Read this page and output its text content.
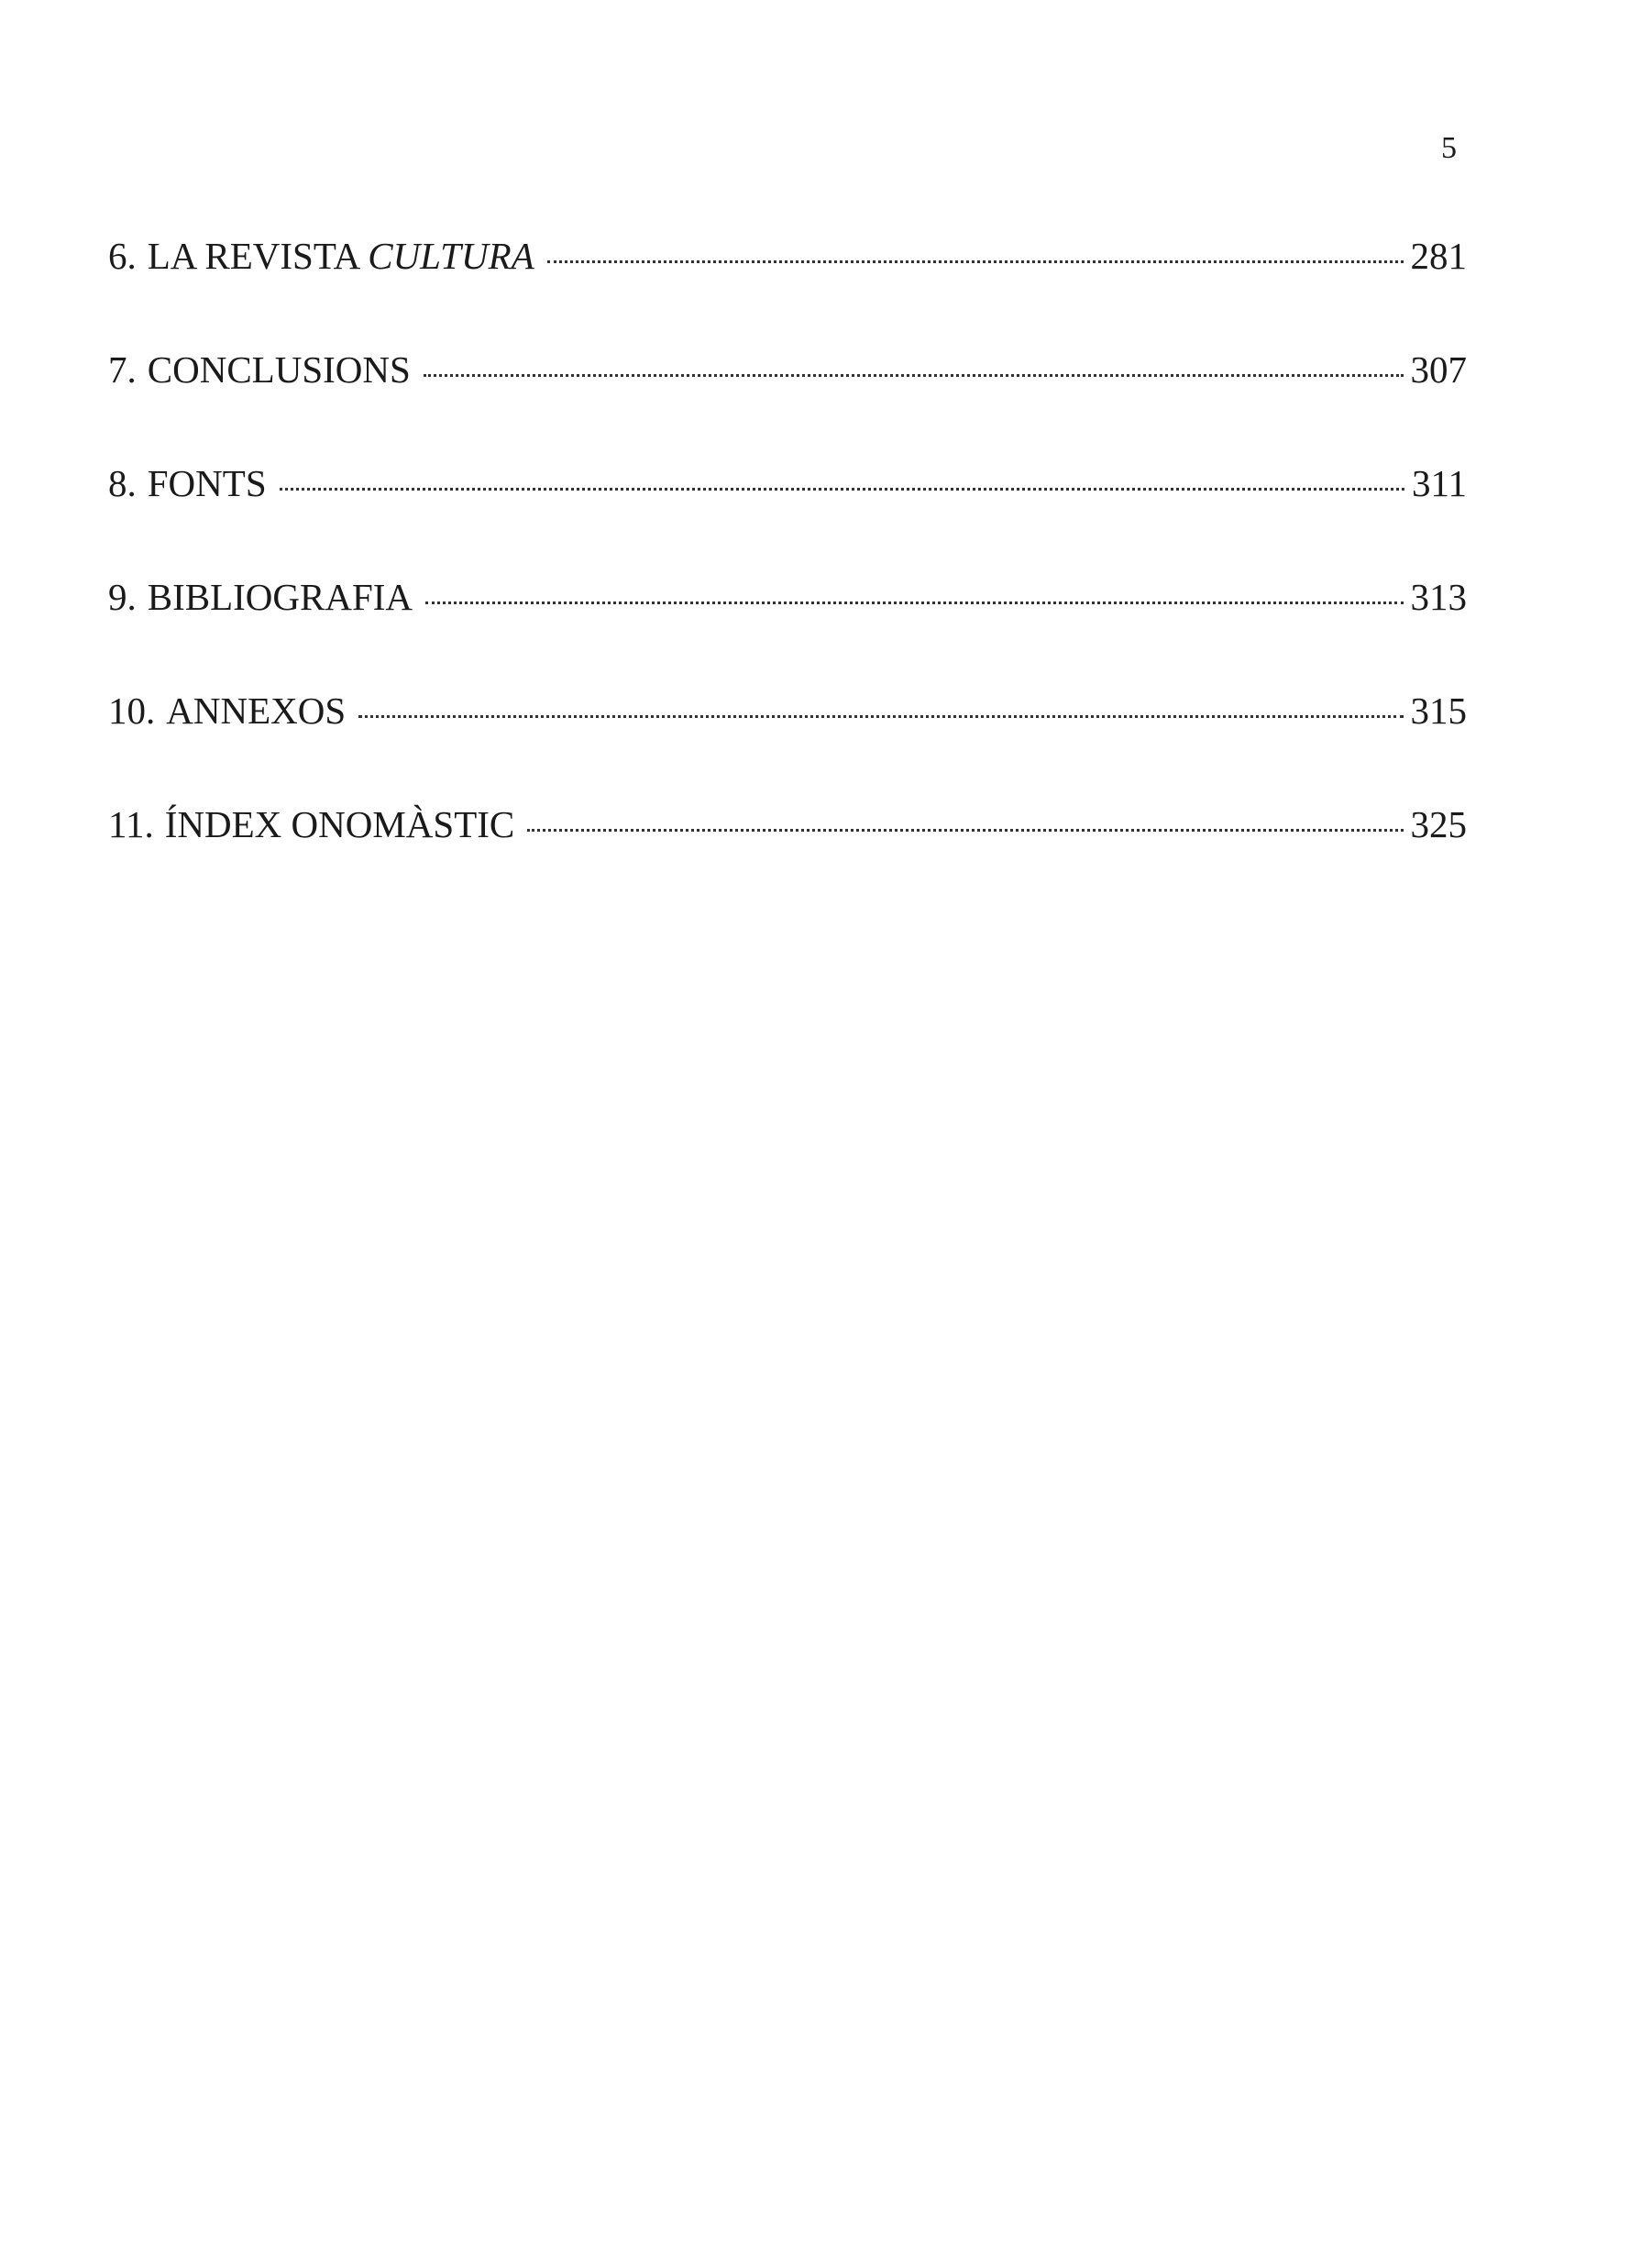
5
6. LA REVISTA CULTURA	281
7. CONCLUSIONS	307
8. FONTS	311
9. BIBLIOGRAFIA	313
10. ANNEXOS	315
11. ÍNDEX ONOMÀSTIC	325
